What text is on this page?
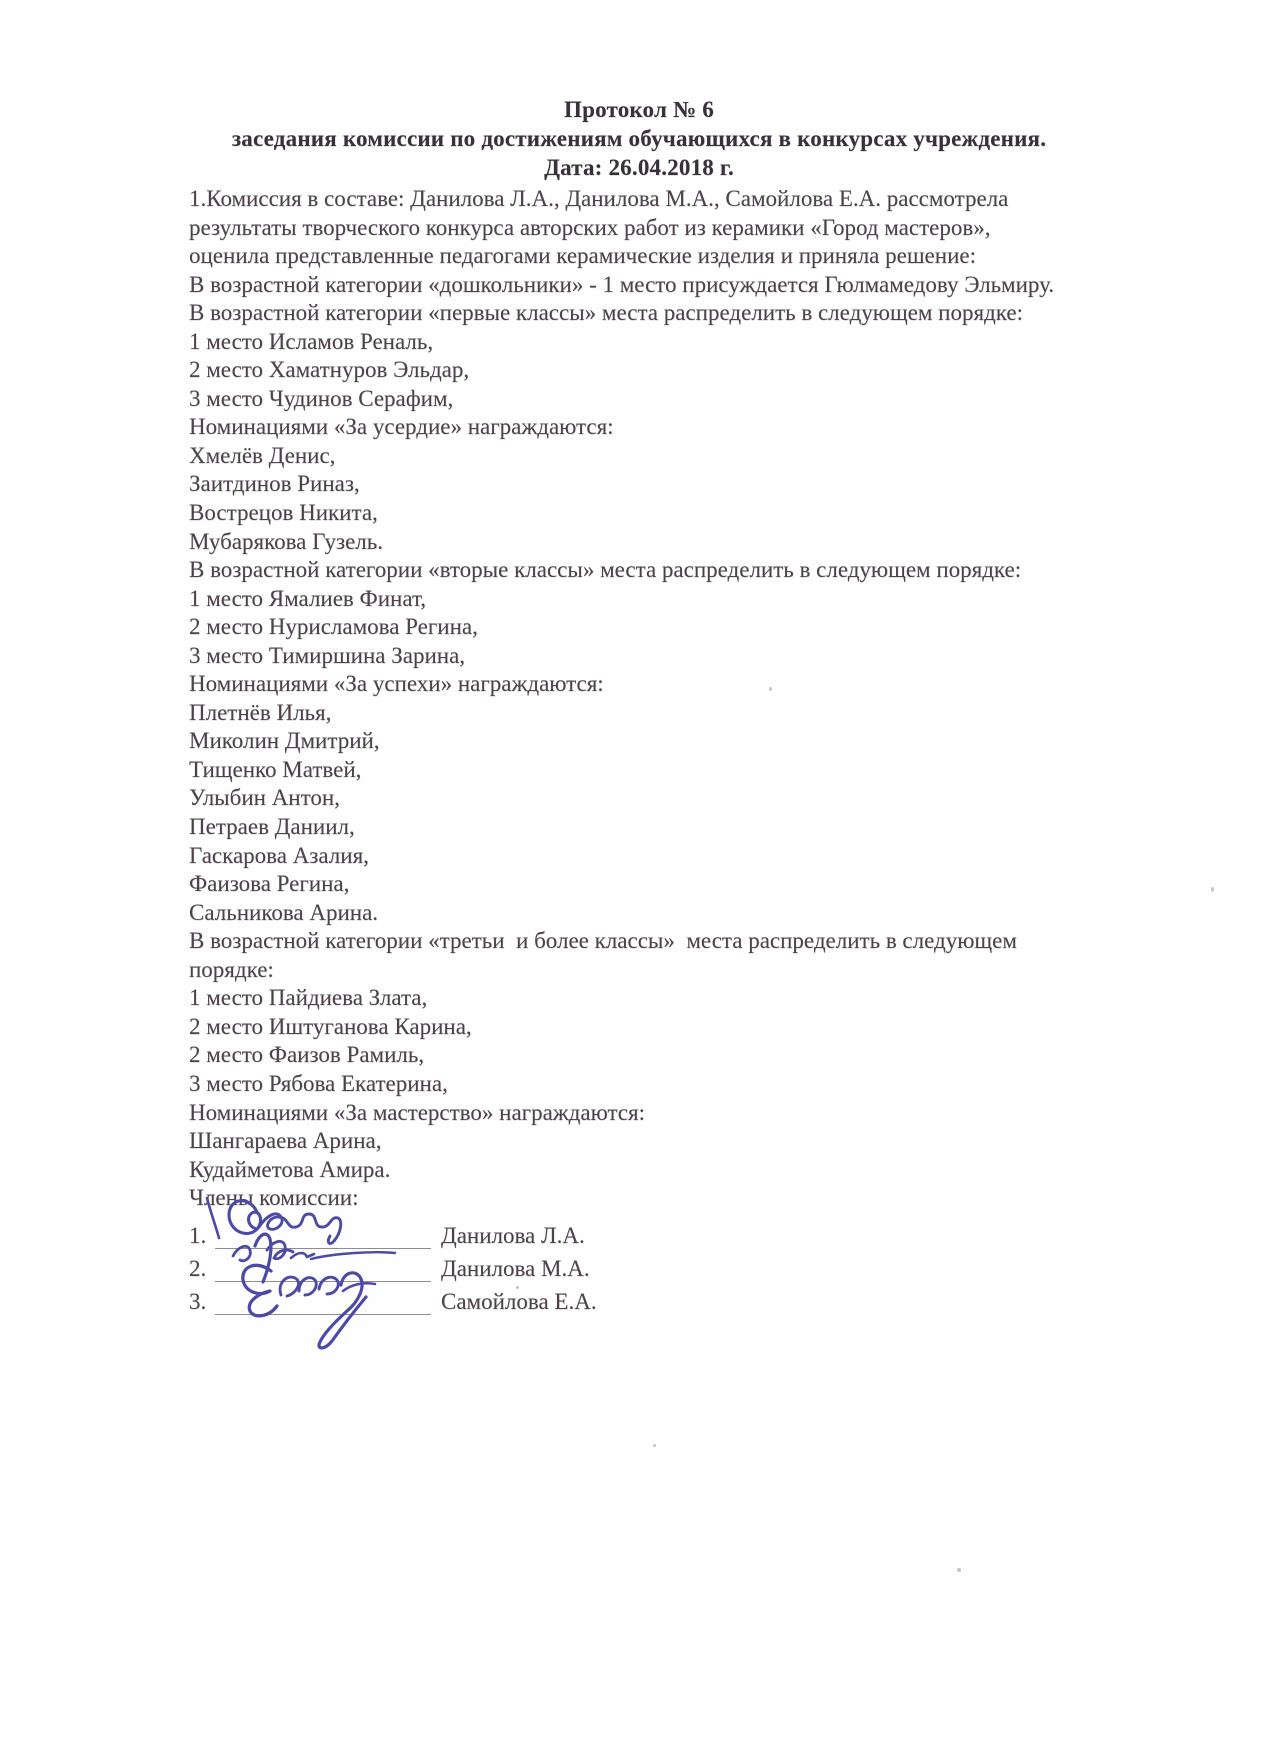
Протокол № 6
заседания комиссии по достижениям обучающихся в конкурсах учреждения.
Дата: 26.04.2018 г.
1.Комиссия в составе: Данилова Л.А., Данилова М.А., Самойлова Е.А. рассмотрела
результаты творческого конкурса авторских работ из керамики «Город мастеров»,
оценила представленные педагогами керамические изделия и приняла решение:
В возрастной категории «дошкольники» - 1 место присуждается Гюлмамедову Эльмиру.
В возрастной категории «первые классы» места распределить в следующем порядке:
1 место Исламов Реналь,
2 место Хаматнуров Эльдар,
3 место Чудинов Серафим,
Номинациями «За усердие» награждаются:
Хмелёв Денис,
Заитдинов Риназ,
Вострецов Никита,
Мубарякова Гузель.
В возрастной категории «вторые классы» места распределить в следующем порядке:
1 место Ямалиев Финат,
2 место Нурисламова Регина,
3 место Тимиршина Зарина,
Номинациями «За успехи» награждаются:
Плетнёв Илья,
Миколин Дмитрий,
Тищенко Матвей,
Улыбин Антон,
Петраев Даниил,
Гаскарова Азалия,
Фаизова Регина,
Сальникова Арина.
В возрастной категории «третьи  и более классы»  места распределить в следующем
порядке:
1 место Пайдиева Злата,
2 место Иштуганова Карина,
2 место Фаизов Рамиль,
3 место Рябова Екатерина,
Номинациями «За мастерство» награждаются:
Шангараева Арина,
Кудайметова Амира.
Члены комиссии:
1.	Данилова Л.А.
2.	Данилова М.А.
3.	Самойлова Е.А.
